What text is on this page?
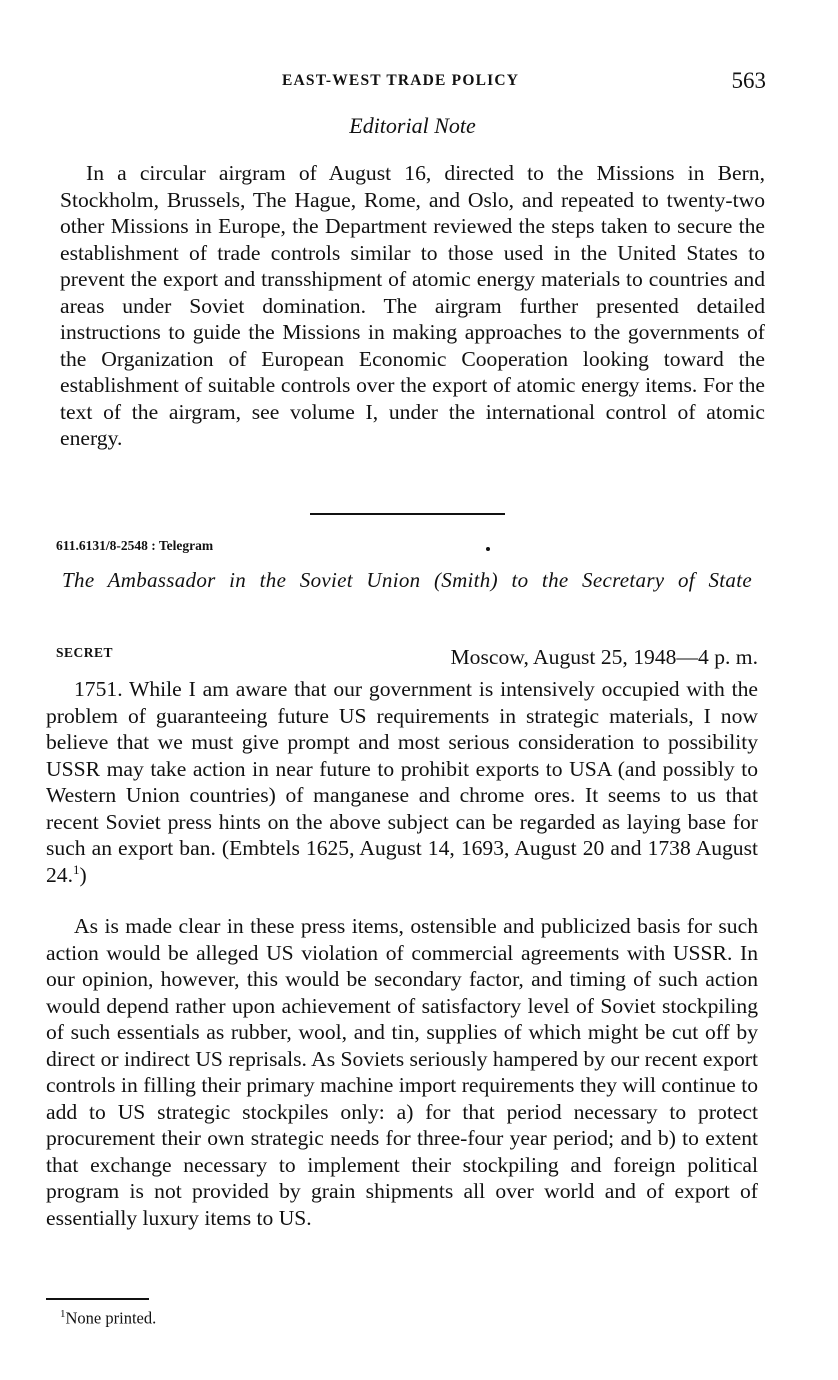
EAST-WEST TRADE POLICY	563
Editorial Note

In a circular airgram of August 16, directed to the Missions in Bern, Stockholm, Brussels, The Hague, Rome, and Oslo, and repeated to twenty-two other Missions in Europe, the Department reviewed the steps taken to secure the establishment of trade controls similar to those used in the United States to prevent the export and transshipment of atomic energy materials to countries and areas under Soviet domination. The airgram further presented detailed instructions to guide the Missions in making approaches to the governments of the Organization of European Economic Cooperation looking toward the establishment of suitable controls over the export of atomic energy items. For the text of the airgram, see volume I, under the international control of atomic energy.

611.6131/8-2548 : Telegram
The Ambassador in the Soviet Union (Smith) to the Secretary of State
SECRET	Moscow, August 25, 1948—4 p. m.

1751. While I am aware that our government is intensively occupied with the problem of guaranteeing future US requirements in strategic materials, I now believe that we must give prompt and most serious consideration to possibility USSR may take action in near future to prohibit exports to USA (and possibly to Western Union countries) of manganese and chrome ores. It seems to us that recent Soviet press hints on the above subject can be regarded as laying base for such an export ban. (Embtels 1625, August 14, 1693, August 20 and 1738 August 24.$^1$)

As is made clear in these press items, ostensible and publicized basis for such action would be alleged US violation of commercial agreements with USSR. In our opinion, however, this would be secondary factor, and timing of such action would depend rather upon achievement of satisfactory level of Soviet stockpiling of such essentials as rubber, wool, and tin, supplies of which might be cut off by direct or indirect US reprisals. As Soviets seriously hampered by our recent export controls in filling their primary machine import requirements they will continue to add to US strategic stockpiles only: a) for that period necessary to protect procurement their own strategic needs for three-four year period; and b) to extent that exchange necessary to implement their stockpiling and foreign political program is not provided by grain shipments all over world and of export of essentially luxury items to US.

$^1$None printed.
